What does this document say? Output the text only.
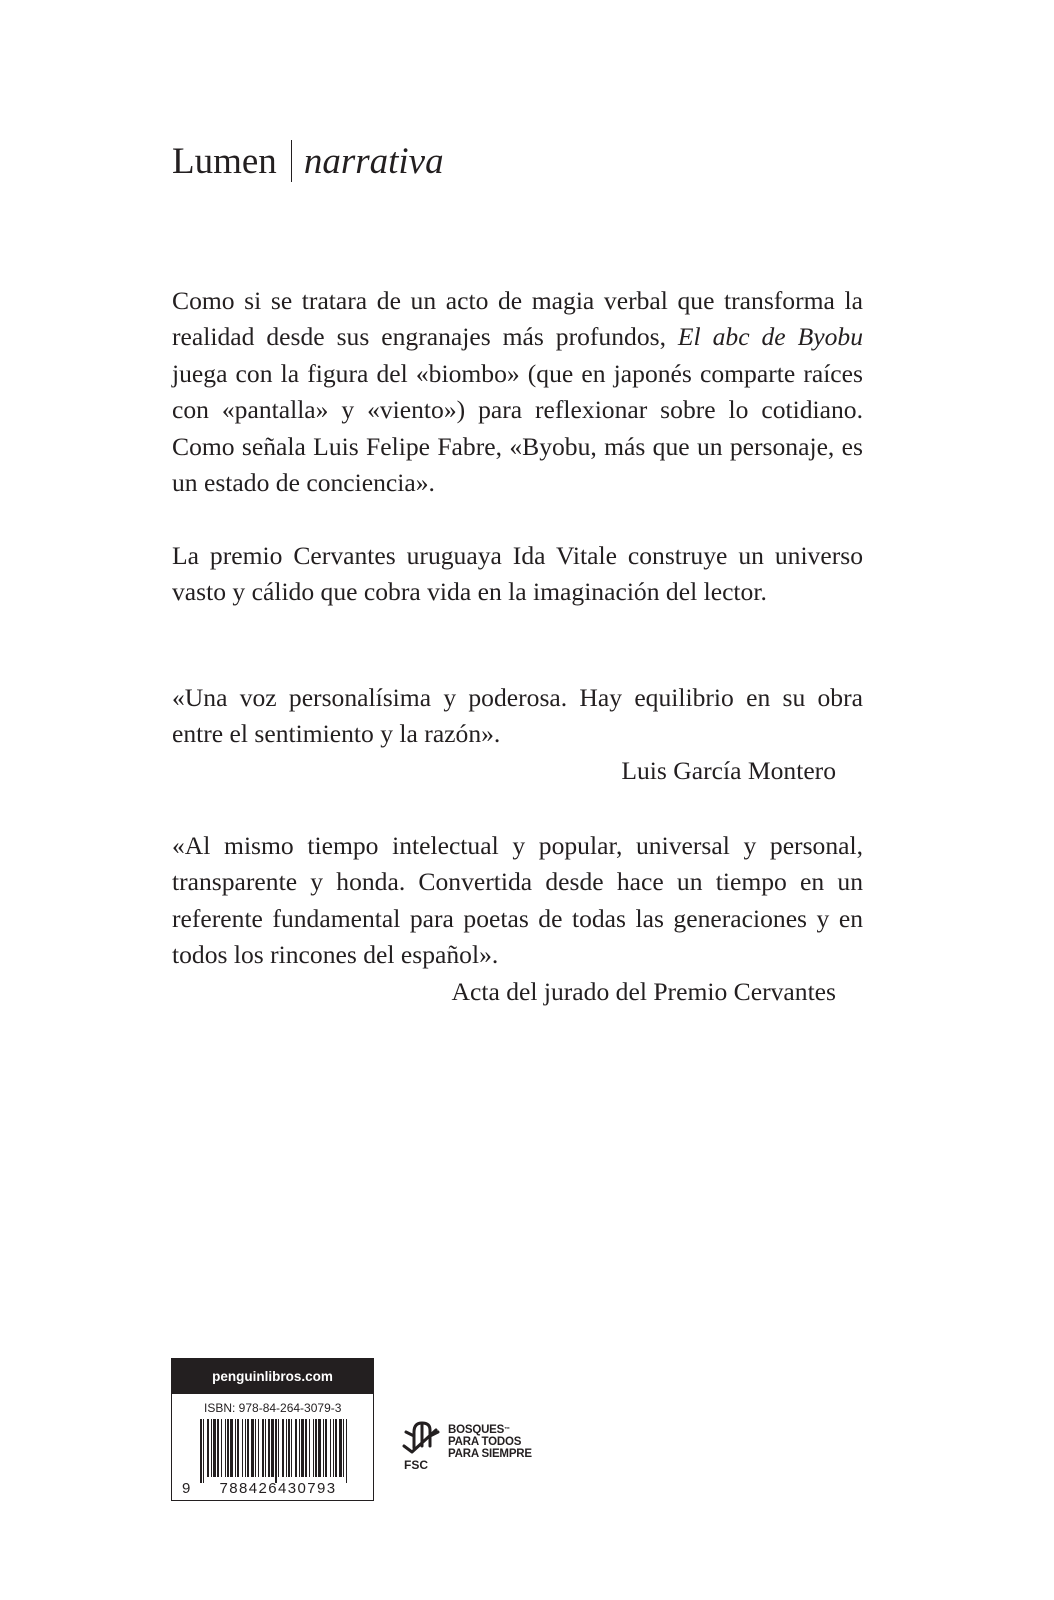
Lumen narrativa

Como si se tratara de un acto de magia verbal que transforma la realidad desde sus engranajes más profundos, El abc de Byobu juega con la figura del «biombo» (que en japonés comparte raíces con «pantalla» y «viento») para reflexionar sobre lo cotidiano. Como señala Luis Felipe Fabre, «Byobu, más que un personaje, es un estado de conciencia».

La premio Cervantes uruguaya Ida Vitale construye un universo vasto y cálido que cobra vida en la imaginación del lector.

«Una voz personalísima y poderosa. Hay equilibrio en su obra entre el sentimiento y la razón».

Luis García Montero

«Al mismo tiempo intelectual y popular, universal y personal, transparente y honda. Convertida desde hace un tiempo en un referente fundamental para poetas de todas las generaciones y en todos los rincones del español».

Acta del jurado del Premio Cervantes

penguinlibros.com
ISBN: 978-84-264-3079-3
9	788426430793
FSC
BOSQUES™
PARA TODOS
PARA SIEMPRE
